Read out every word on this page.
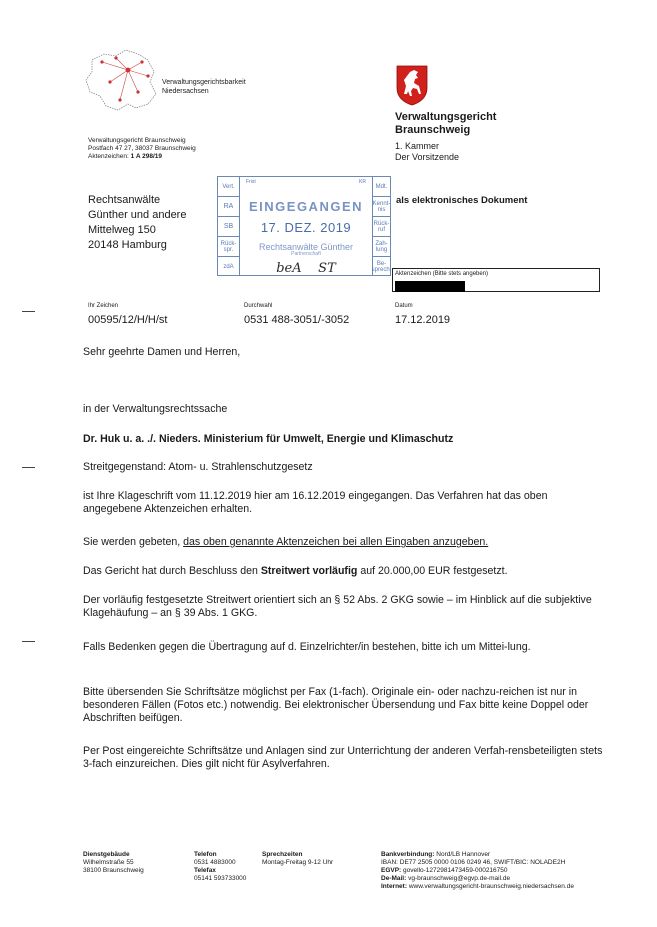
Verwaltungsgerichtsbarkeit
Niedersachsen
Verwaltungsgericht
Braunschweig
1. Kammer
Der Vorsitzende
Verwaltungsgericht Braunschweig
Postfach 47 27, 38037 Braunschweig
Aktenzeichen: 1 A 298/19
Rechtsanwälte
Günther und andere
Mittelweg 150
20148 Hamburg
Vert.
RA
SB
Rück-spr.
zdA
Mdt.
Kennt-nis
Rück-ruf
Zah-lung
Be-sprech.
Frist	KR
EINGEGANGEN
17. DEZ. 2019
Rechtsanwälte Günther
Partnerschaft
beA ST
als elektronisches Dokument
Aktenzeichen (Bitte stets angeben)
Ihr Zeichen
00595/12/H/H/st
Durchwahl
0531 488-3051/-3052
Datum
17.12.2019
Sehr geehrte Damen und Herren,
in der Verwaltungsrechtssache
Dr. Huk u. a. ./. Nieders. Ministerium für Umwelt, Energie und Klimaschutz
Streitgegenstand: Atom- u. Strahlenschutzgesetz
ist Ihre Klageschrift vom 11.12.2019 hier am 16.12.2019 eingegangen. Das Verfahren hat das oben angegebene Aktenzeichen erhalten.
Sie werden gebeten, das oben genannte Aktenzeichen bei allen Eingaben anzugeben.
Das Gericht hat durch Beschluss den Streitwert vorläufig auf 20.000,00 EUR festgesetzt.
Der vorläufig festgesetzte Streitwert orientiert sich an § 52 Abs. 2 GKG sowie – im Hinblick auf die subjektive Klagehäufung – an § 39 Abs. 1 GKG.
Falls Bedenken gegen die Übertragung auf d. Einzelrichter/in bestehen, bitte ich um Mittei-lung.
Bitte übersenden Sie Schriftsätze möglichst per Fax (1-fach). Originale ein- oder nachzu-reichen ist nur in besonderen Fällen (Fotos etc.) notwendig. Bei elektronischer Übersendung und Fax bitte keine Doppel oder Abschriften beifügen.
Per Post eingereichte Schriftsätze und Anlagen sind zur Unterrichtung der anderen Verfah-rensbeteiligten stets 3-fach einzureichen. Dies gilt nicht für Asylverfahren.
Dienstgebäude
Wilhelmstraße 55
38100 Braunschweig
Telefon
0531 4883000
Telefax
05141 593733000
Sprechzeiten
Montag-Freitag 9-12 Uhr
Bankverbindung: Nord/LB Hannover
IBAN: DE77 2505 0000 0106 0249 46, SWIFT/BIC: NOLADE2H
EGVP: govello-1272981473459-000216750
De-Mail: vg-braunschweig@egvp.de-mail.de
Internet: www.verwaltungsgericht-braunschweig.niedersachsen.de
